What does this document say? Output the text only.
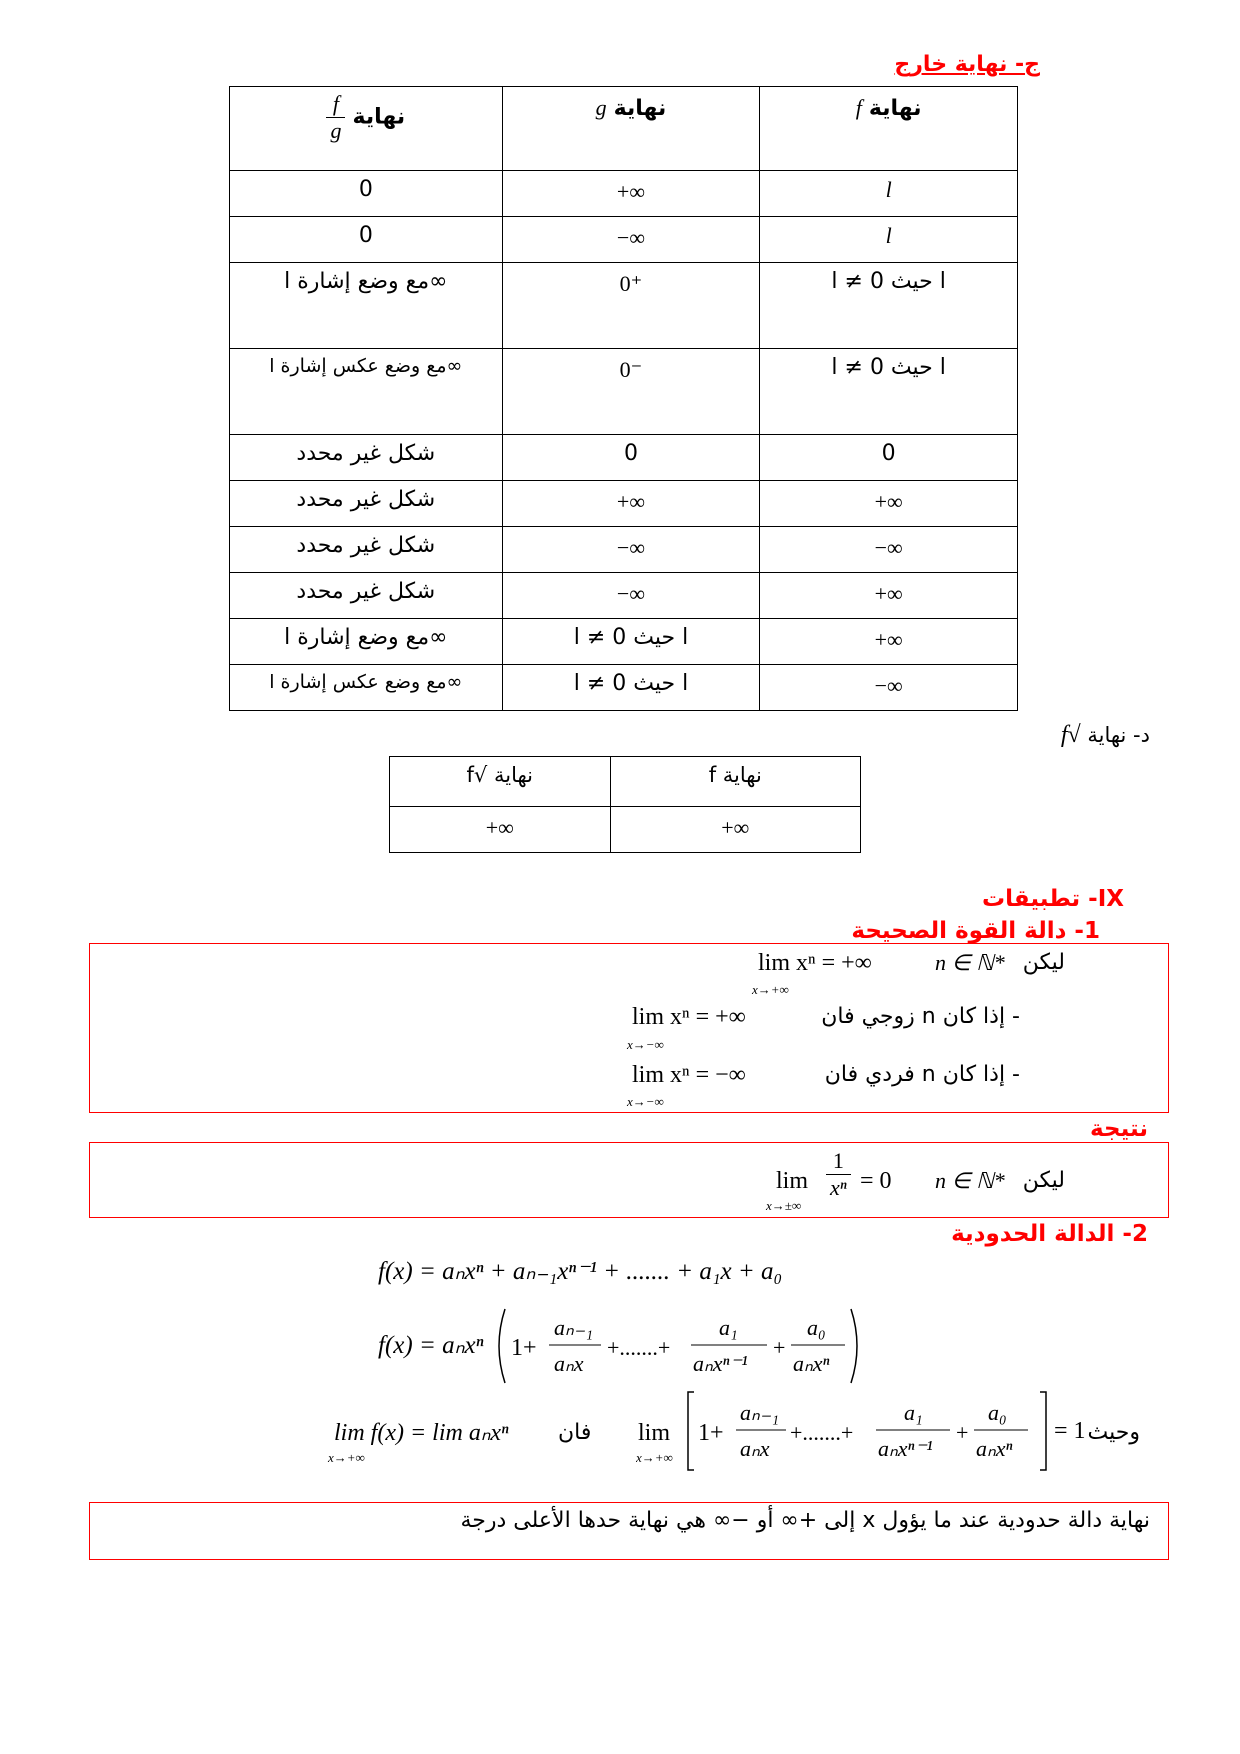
ج- نهاية خارج
$\frac{f}{g}$ نهاية	g نهاية	f نهاية
0	+∞	l
0	−∞	l
∞مع وضع إشارة l	0⁺	l حيث l ≠ 0
∞مع وضع عكس إشارة l	0⁻	l حيث l ≠ 0
شكل غير محدد	0	0
شكل غير محدد	+∞	+∞
شكل غير محدد	−∞	−∞
شكل غير محدد	−∞	+∞
∞مع وضع إشارة l	l حيث l ≠ 0	+∞
∞مع وضع عكس إشارة l	l حيث l ≠ 0	−∞
د- نهاية √f
نهاية √f	نهاية f
+∞	+∞
IX- تطبيقات
1- دالة القوة الصحيحة
ليكن
n ∈ ℕ*
lim xⁿ = +∞
x→+∞
- إذا كان n زوجي فان
lim xⁿ = +∞
x→−∞
- إذا كان n فردي فان
lim xⁿ = −∞
x→−∞
نتيجة
ليكن
n ∈ ℕ*
lim
x→±∞
$\frac{1}{\text{xⁿ}} = 0$
2- الدالة الحدودية
f(x) = aₙxⁿ + aₙ₋₁xⁿ⁻¹ + ....... + a₁x + a₀
f(x) = aₙxⁿ 1+
aₙ₋₁
aₙx
+.......+
a₁
aₙxⁿ⁻¹
+
a₀
aₙxⁿ
وحيث
= 1
lim
x→+∞
1+
aₙ₋₁
aₙx
+.......+
a₁
aₙxⁿ⁻¹
+
a₀
aₙxⁿ
فان
lim f(x) = lim aₙxⁿ
x→+∞
نهاية دالة حدودية عند ما يؤول x إلى +∞ أو −∞ هي نهاية حدها الأعلى درجة
